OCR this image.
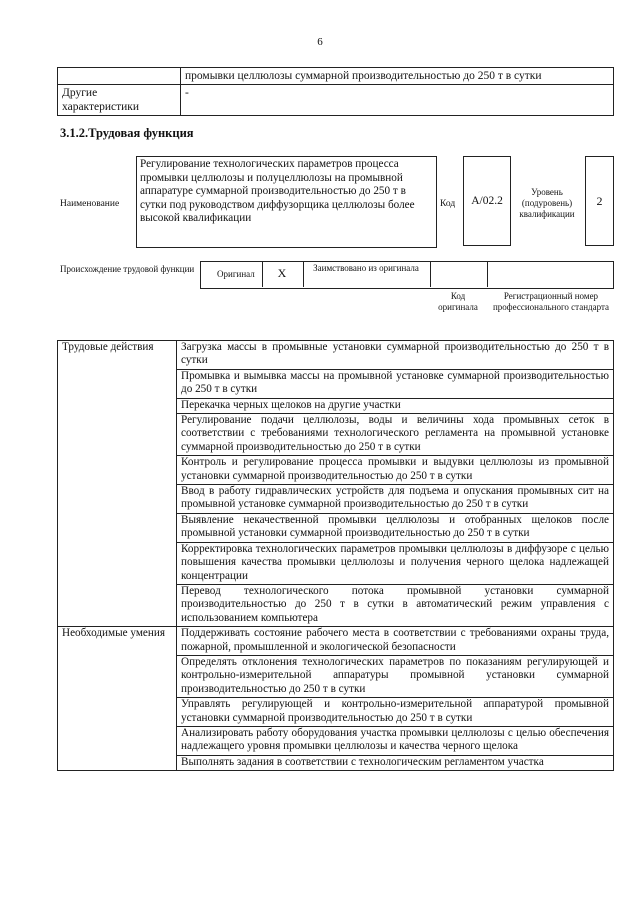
6
	промывки целлюлозы суммарной производительностью до 250 т в сутки
Другие характеристики	-
3.1.2.Трудовая функция
Наименование
Регулирование технологических параметров процесса промывки целлюлозы и полуцеллюлозы на промывной аппаратуре суммарной производительностью до 250 т в сутки под руководством диффузорщика целлюлозы более высокой квалификации
Код	A/02.2
Уровень (подуровень) квалификации
2
Происхождение трудовой функции	Оригинал	X	Заимствовано из оригинала
Код оригинала
Регистрационный номер профессионального стандарта
Трудовые действия	Загрузка массы в промывные установки суммарной производительностью до 250 т в сутки
	Промывка и вымывка массы на промывной установке суммарной производительностью до 250 т в сутки
	Перекачка черных щелоков на другие участки
	Регулирование подачи целлюлозы, воды и величины хода промывных сеток в соответствии с требованиями технологического регламента на промывной установке суммарной производительностью до 250 т в сутки
	Контроль и регулирование процесса промывки и выдувки целлюлозы из промывной установки суммарной производительностью до 250 т в сутки
	Ввод в работу гидравлических устройств для подъема и опускания промывных сит на промывной установке суммарной производительностью до 250 т в сутки
	Выявление некачественной промывки целлюлозы и отобранных щелоков после промывной установки суммарной производительностью до 250 т в сутки
	Корректировка технологических параметров промывки целлюлозы в диффузоре с целью повышения качества промывки целлюлозы и получения черного щелока надлежащей концентрации
	Перевод технологического потока промывной установки суммарной производительностью до 250 т в сутки в автоматический режим управления с использованием компьютера
Необходимые умения	Поддерживать состояние рабочего места в соответствии с требованиями охраны труда, пожарной, промышленной и экологической безопасности
	Определять отклонения технологических параметров по показаниям регулирующей и контрольно-измерительной аппаратуры промывной установки суммарной производительностью до 250 т в сутки
	Управлять регулирующей и контрольно-измерительной аппаратурой промывной установки суммарной производительностью до 250 т в сутки
	Анализировать работу оборудования участка промывки целлюлозы с целью обеспечения надлежащего уровня промывки целлюлозы и качества черного щелока
	Выполнять задания в соответствии с технологическим регламентом участка
